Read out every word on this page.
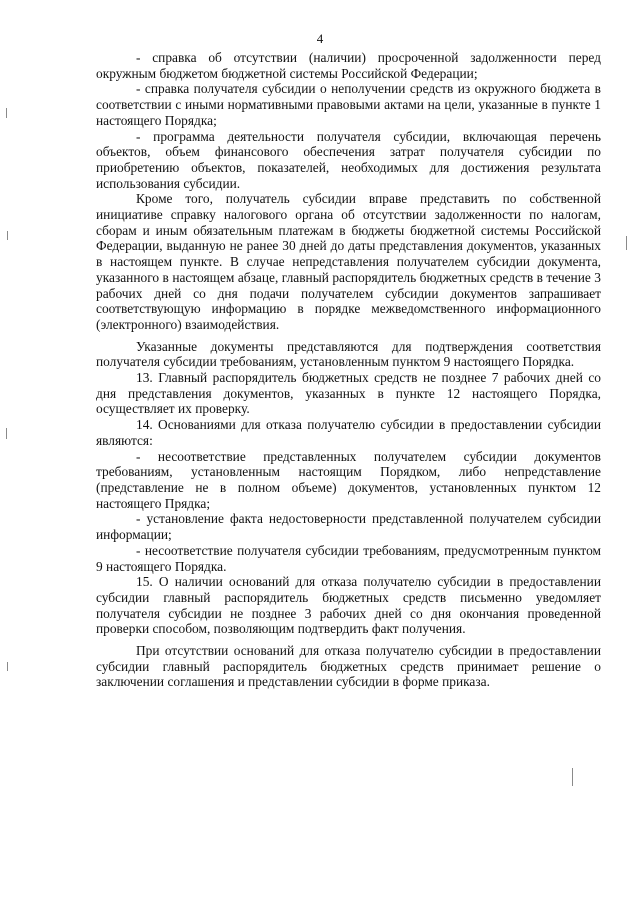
4

- справка об отсутствии (наличии) просроченной задолженности перед окружным бюджетом бюджетной системы Российской Федерации;

- справка получателя субсидии о неполучении средств из окружного бюджета в соответствии с иными нормативными правовыми актами на цели, указанные в пункте 1 настоящего Порядка;

- программа деятельности получателя субсидии, включающая перечень объектов, объем финансового обеспечения затрат получателя субсидии по приобретению объектов, показателей, необходимых для достижения результата использования субсидии.

Кроме того, получатель субсидии вправе представить по собственной инициативе справку налогового органа об отсутствии задолженности по налогам, сборам и иным обязательным платежам в бюджеты бюджетной системы Российской Федерации, выданную не ранее 30 дней до даты представления документов, указанных в настоящем пункте. В случае непредставления получателем субсидии документа, указанного в настоящем абзаце, главный распорядитель бюджетных средств в течение 3 рабочих дней со дня подачи получателем субсидии документов запрашивает соответствующую информацию в порядке межведомственного информационного (электронного) взаимодействия.

Указанные документы представляются для подтверждения соответствия получателя субсидии требованиям, установленным пунктом 9 настоящего Порядка.

13. Главный распорядитель бюджетных средств не позднее 7 рабочих дней со дня представления документов, указанных в пункте 12 настоящего Порядка, осуществляет их проверку.

14. Основаниями для отказа получателю субсидии в предоставлении субсидии являются:

- несоответствие представленных получателем субсидии документов требованиям, установленным настоящим Порядком, либо непредставление (представление не в полном объеме) документов, установленных пунктом 12 настоящего Прядка;

- установление факта недостоверности представленной получателем субсидии информации;

- несоответствие получателя субсидии требованиям, предусмотренным пунктом 9 настоящего Порядка.

15. О наличии оснований для отказа получателю субсидии в предоставлении субсидии главный распорядитель бюджетных средств письменно уведомляет получателя субсидии не позднее 3 рабочих дней со дня окончания проведенной проверки способом, позволяющим подтвердить факт получения.

При отсутствии оснований для отказа получателю субсидии в предоставлении субсидии главный распорядитель бюджетных средств принимает решение о заключении соглашения и представлении субсидии в форме приказа.
